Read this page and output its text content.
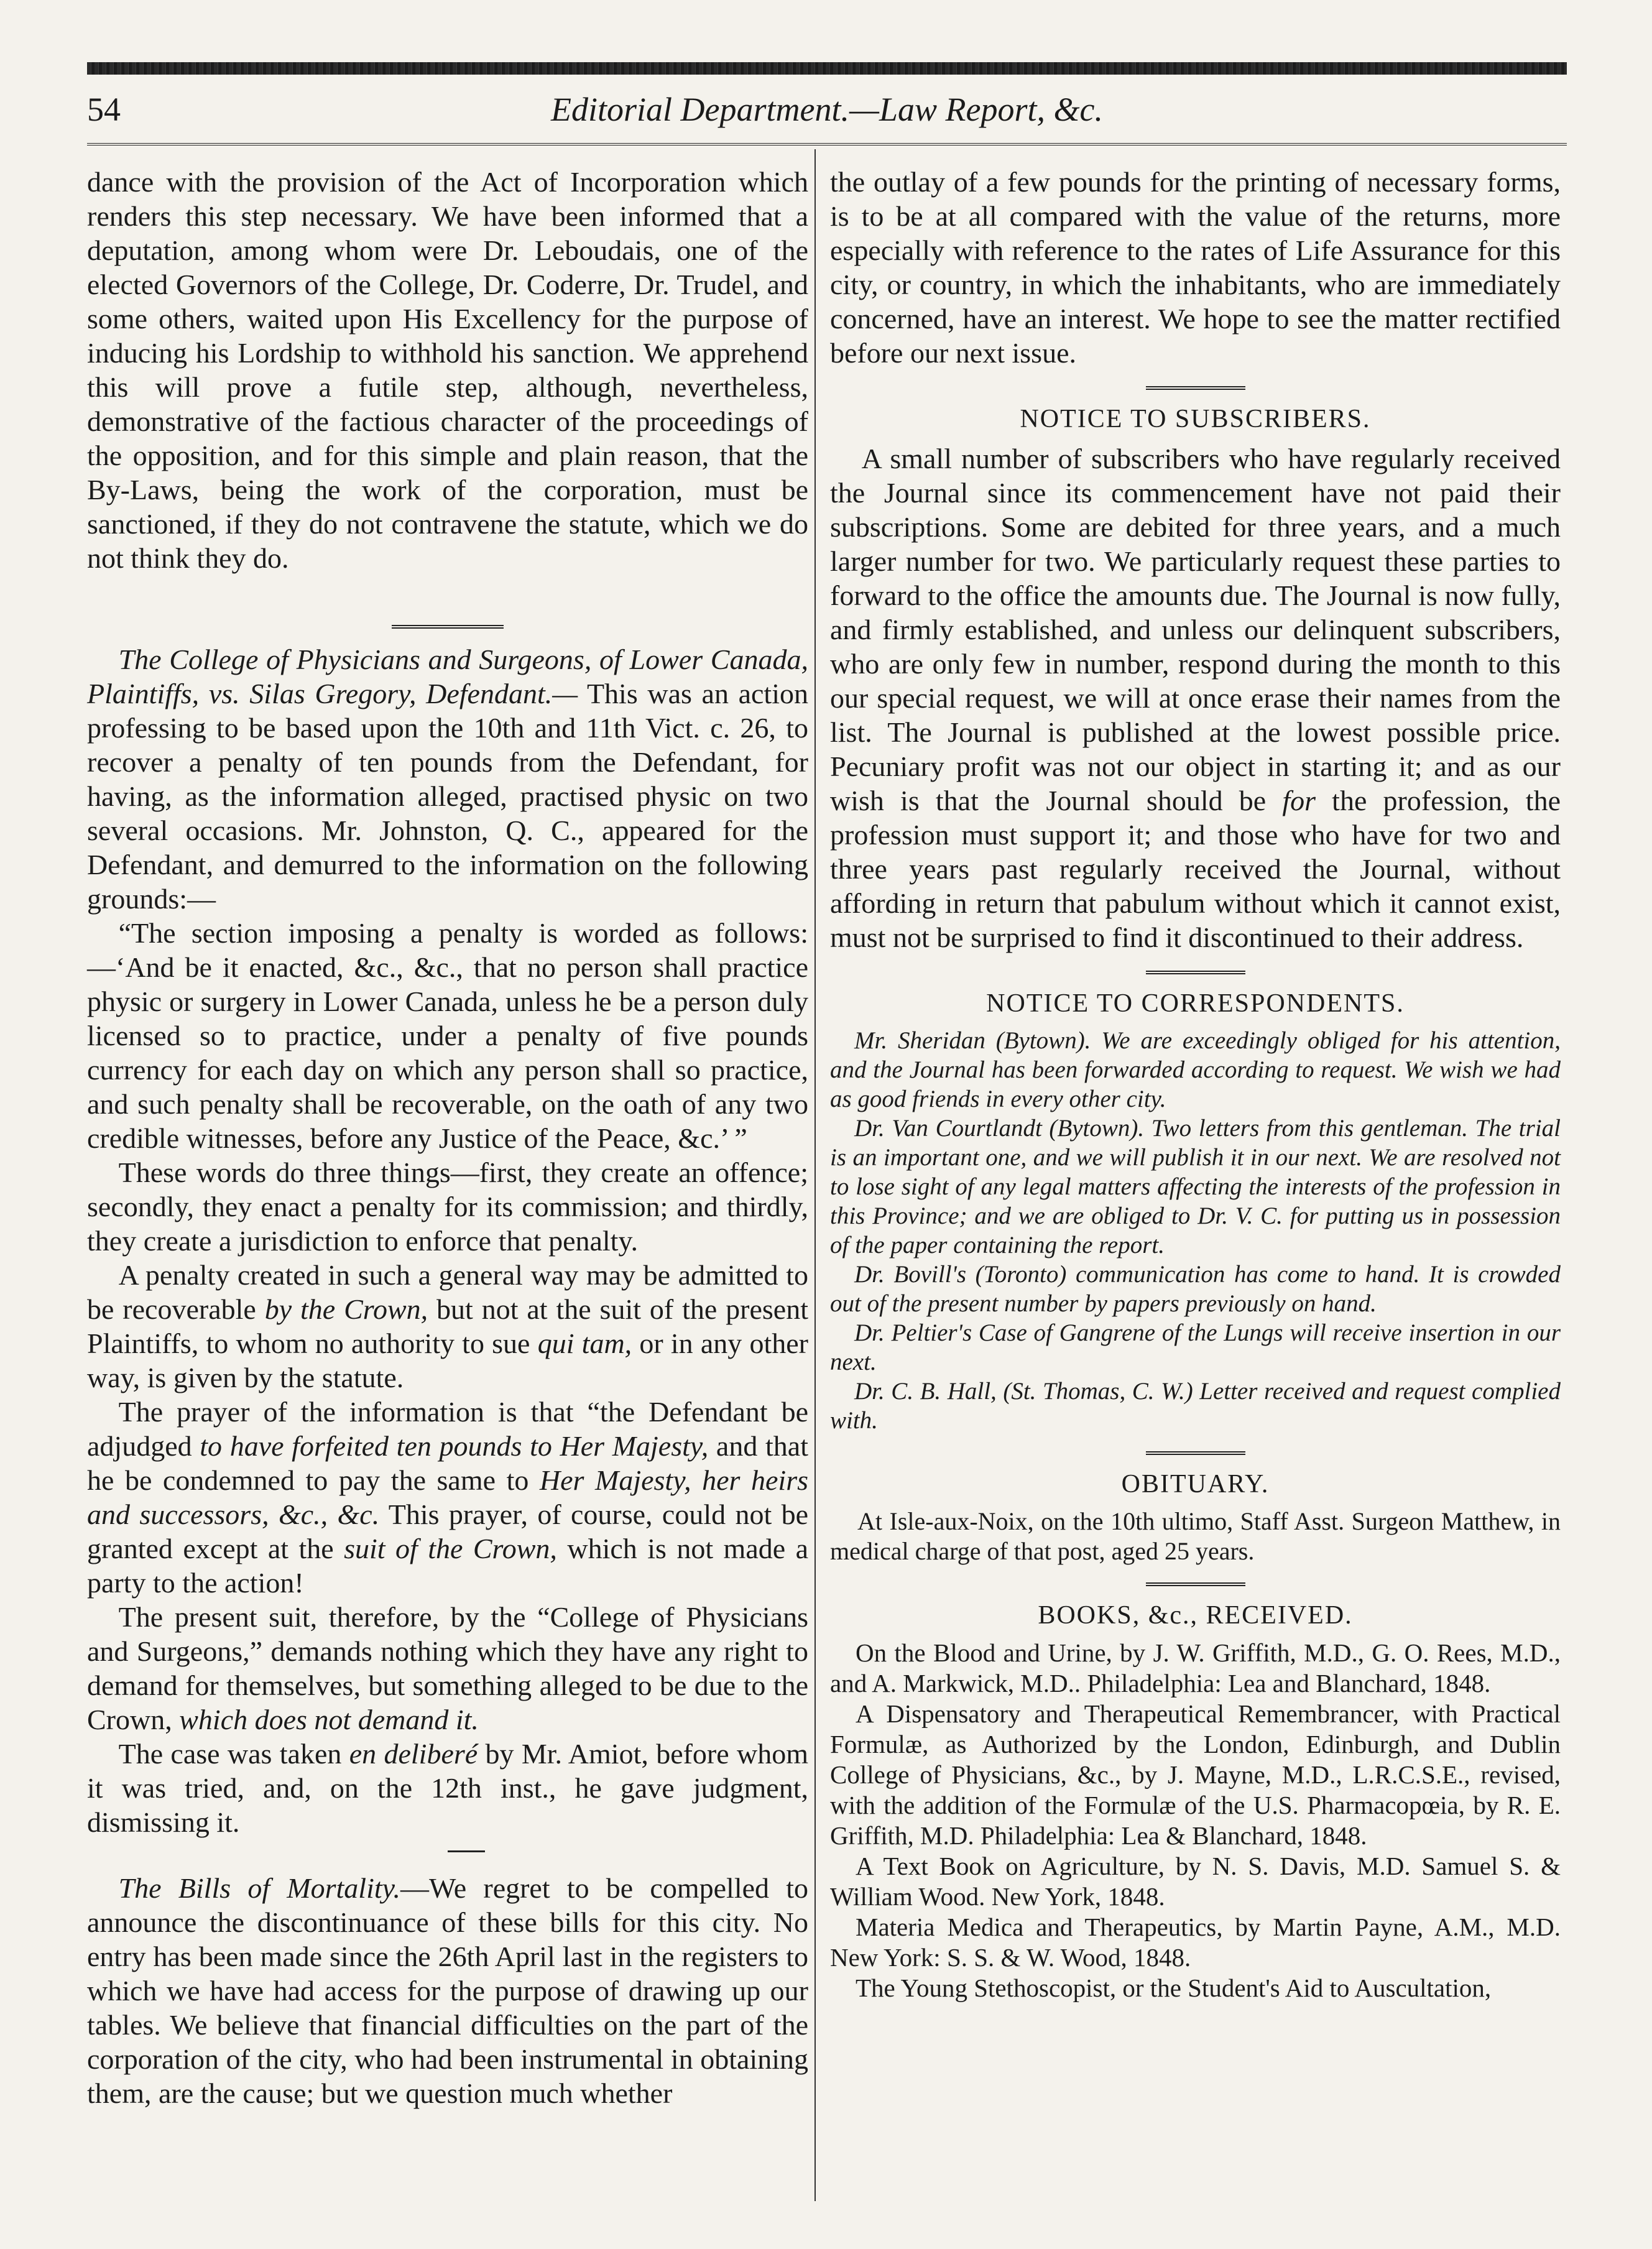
54	Editorial Department.—Law Report, &c.

dance with the provision of the Act of Incorporation which renders this step necessary. We have been informed that a deputation, among whom were Dr. Leboudais, one of the elected Governors of the College, Dr. Coderre, Dr. Trudel, and some others, waited upon His Excellency for the purpose of inducing his Lordship to withhold his sanction. We apprehend this will prove a futile step, although, nevertheless, demonstrative of the factious character of the proceedings of the opposition, and for this simple and plain reason, that the By-Laws, being the work of the corporation, must be sanctioned, if they do not contravene the statute, which we do not think they do.

The College of Physicians and Surgeons, of Lower Canada, Plaintiffs, vs. Silas Gregory, Defendant.— This was an action professing to be based upon the 10th and 11th Vict. c. 26, to recover a penalty of ten pounds from the Defendant, for having, as the information alleged, practised physic on two several occasions. Mr. Johnston, Q. C., appeared for the Defendant, and demurred to the information on the following grounds:—

“The section imposing a penalty is worded as follows:—‘And be it enacted, &c., &c., that no person shall practice physic or surgery in Lower Canada, unless he be a person duly licensed so to practice, under a penalty of five pounds currency for each day on which any person shall so practice, and such penalty shall be recoverable, on the oath of any two credible witnesses, before any Justice of the Peace, &c.’ ”

These words do three things—first, they create an offence; secondly, they enact a penalty for its commission; and thirdly, they create a jurisdiction to enforce that penalty.

A penalty created in such a general way may be admitted to be recoverable by the Crown, but not at the suit of the present Plaintiffs, to whom no authority to sue qui tam, or in any other way, is given by the statute.

The prayer of the information is that “the Defendant be adjudged to have forfeited ten pounds to Her Majesty, and that he be condemned to pay the same to Her Majesty, her heirs and successors, &c., &c. This prayer, of course, could not be granted except at the suit of the Crown, which is not made a party to the action!

The present suit, therefore, by the “College of Physicians and Surgeons,” demands nothing which they have any right to demand for themselves, but something alleged to be due to the Crown, which does not demand it.

The case was taken en deliberé by Mr. Amiot, before whom it was tried, and, on the 12th inst., he gave judgment, dismissing it.

The Bills of Mortality.—We regret to be compelled to announce the discontinuance of these bills for this city. No entry has been made since the 26th April last in the registers to which we have had access for the purpose of drawing up our tables. We believe that financial difficulties on the part of the corporation of the city, who had been instrumental in obtaining them, are the cause; but we question much whether

the outlay of a few pounds for the printing of necessary forms, is to be at all compared with the value of the returns, more especially with reference to the rates of Life Assurance for this city, or country, in which the inhabitants, who are immediately concerned, have an interest. We hope to see the matter rectified before our next issue.

NOTICE TO SUBSCRIBERS.

A small number of subscribers who have regularly received the Journal since its commencement have not paid their subscriptions. Some are debited for three years, and a much larger number for two. We particularly request these parties to forward to the office the amounts due. The Journal is now fully, and firmly established, and unless our delinquent subscribers, who are only few in number, respond during the month to this our special request, we will at once erase their names from the list. The Journal is published at the lowest possible price. Pecuniary profit was not our object in starting it; and as our wish is that the Journal should be for the profession, the profession must support it; and those who have for two and three years past regularly received the Journal, without affording in return that pabulum without which it cannot exist, must not be surprised to find it discontinued to their address.

NOTICE TO CORRESPONDENTS.

Mr. Sheridan (Bytown). We are exceedingly obliged for his attention, and the Journal has been forwarded according to request. We wish we had as good friends in every other city.

Dr. Van Courtlandt (Bytown). Two letters from this gentleman. The trial is an important one, and we will publish it in our next. We are resolved not to lose sight of any legal matters affecting the interests of the profession in this Province; and we are obliged to Dr. V. C. for putting us in possession of the paper containing the report.

Dr. Bovill's (Toronto) communication has come to hand. It is crowded out of the present number by papers previously on hand.

Dr. Peltier's Case of Gangrene of the Lungs will receive insertion in our next.

Dr. C. B. Hall, (St. Thomas, C. W.) Letter received and request complied with.

OBITUARY.

At Isle-aux-Noix, on the 10th ultimo, Staff Asst. Surgeon Matthew, in medical charge of that post, aged 25 years.

BOOKS, &c., RECEIVED.

On the Blood and Urine, by J. W. Griffith, M.D., G. O. Rees, M.D., and A. Markwick, M.D.. Philadelphia: Lea and Blanchard, 1848.

A Dispensatory and Therapeutical Remembrancer, with Practical Formulæ, as Authorized by the London, Edinburgh, and Dublin College of Physicians, &c., by J. Mayne, M.D., L.R.C.S.E., revised, with the addition of the Formulæ of the U.S. Pharmacopœia, by R. E. Griffith, M.D. Philadelphia: Lea & Blanchard, 1848.

A Text Book on Agriculture, by N. S. Davis, M.D. Samuel S. & William Wood. New York, 1848.

Materia Medica and Therapeutics, by Martin Payne, A.M., M.D. New York: S. S. & W. Wood, 1848.

The Young Stethoscopist, or the Student's Aid to Auscultation,
